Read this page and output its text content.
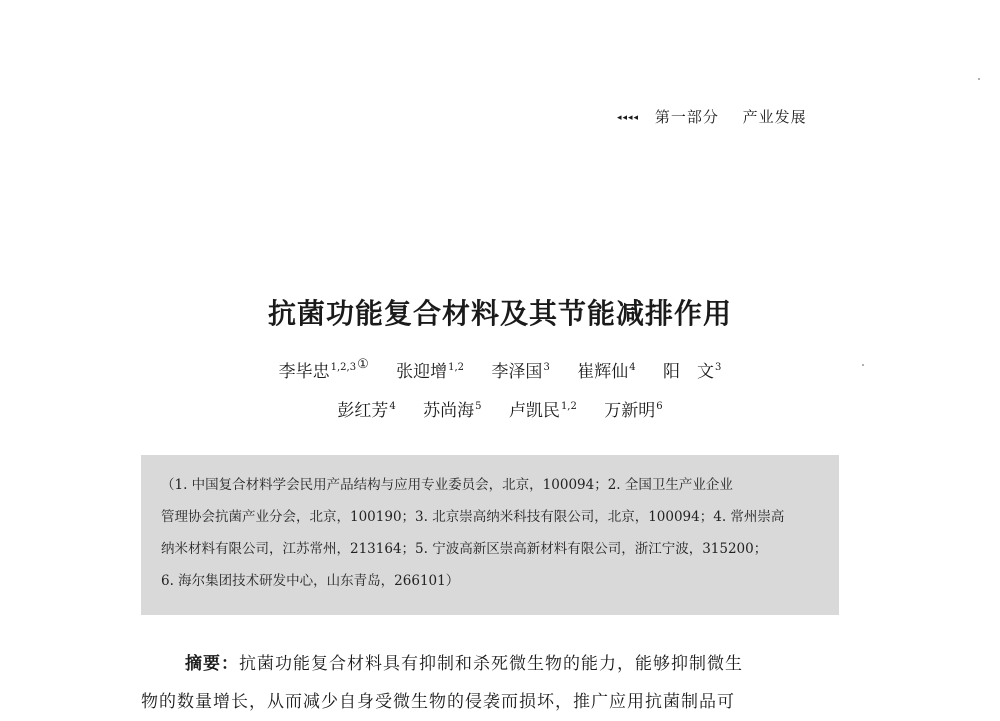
◂◂◂◂ 第一部分 产业发展
抗菌功能复合材料及其节能减排作用
李毕忠$^{1,2,3①}$ 张迎增$^{1,2}$ 李泽国$^3$ 崔辉仙$^4$ 阳　文$^3$
彭红芳$^4$ 苏尚海$^5$ 卢凯民$^{1,2}$ 万新明$^6$

（1. 中国复合材料学会民用产品结构与应用专业委员会，北京，100094；2. 全国卫生产业企业

管理协会抗菌产业分会，北京，100190；3. 北京崇高纳米科技有限公司，北京，100094；4. 常州崇高

纳米材料有限公司，江苏常州，213164；5. 宁波高新区崇高新材料有限公司，浙江宁波，315200；

6. 海尔集团技术研发中心，山东青岛，266101）

摘要：抗菌功能复合材料具有抑制和杀死微生物的能力，能够抑制微生

物的数量增长，从而减少自身受微生物的侵袭而损坏，推广应用抗菌制品可
